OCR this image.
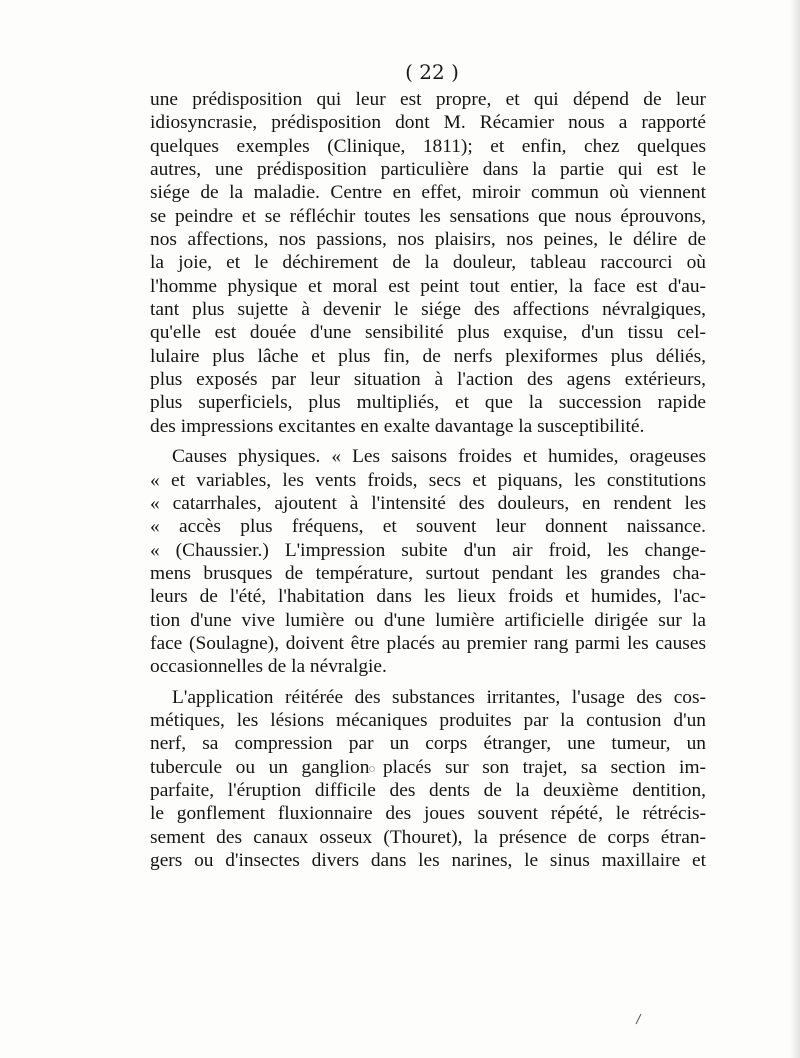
( 22 )
une prédisposition qui leur est propre, et qui dépend de leur
idiosyncrasie, prédisposition dont M. Récamier nous a rapporté
quelques exemples (Clinique, 1811); et enfin, chez quelques
autres, une prédisposition particulière dans la partie qui est le
siége de la maladie. Centre en effet, miroir commun où viennent
se peindre et se réfléchir toutes les sensations que nous éprouvons,
nos affections, nos passions, nos plaisirs, nos peines, le délire de
la joie, et le déchirement de la douleur, tableau raccourci où
l'homme physique et moral est peint tout entier, la face est d'au-
tant plus sujette à devenir le siége des affections névralgiques,
qu'elle est douée d'une sensibilité plus exquise, d'un tissu cel-
lulaire plus lâche et plus fin, de nerfs plexiformes plus déliés,
plus exposés par leur situation à l'action des agens extérieurs,
plus superficiels, plus multipliés, et que la succession rapide
des impressions excitantes en exalte davantage la susceptibilité.
Causes physiques. « Les saisons froides et humides, orageuses
« et variables, les vents froids, secs et piquans, les constitutions
« catarrhales, ajoutent à l'intensité des douleurs, en rendent les
« accès plus fréquens, et souvent leur donnent naissance.
« (Chaussier.) L'impression subite d'un air froid, les change-
mens brusques de température, surtout pendant les grandes cha-
leurs de l'été, l'habitation dans les lieux froids et humides, l'ac-
tion d'une vive lumière ou d'une lumière artificielle dirigée sur la
face (Soulagne), doivent être placés au premier rang parmi les causes
occasionnelles de la névralgie.
L'application réitérée des substances irritantes, l'usage des cos-
métiques, les lésions mécaniques produites par la contusion d'un
nerf, sa compression par un corps étranger, une tumeur, un
tubercule ou un ganglion placés sur son trajet, sa section im-
parfaite, l'éruption difficile des dents de la deuxième dentition,
le gonflement fluxionnaire des joues souvent répété, le rétrécis-
sement des canaux osseux (Thouret), la présence de corps étran-
gers ou d'insectes divers dans les narines, le sinus maxillaire et
